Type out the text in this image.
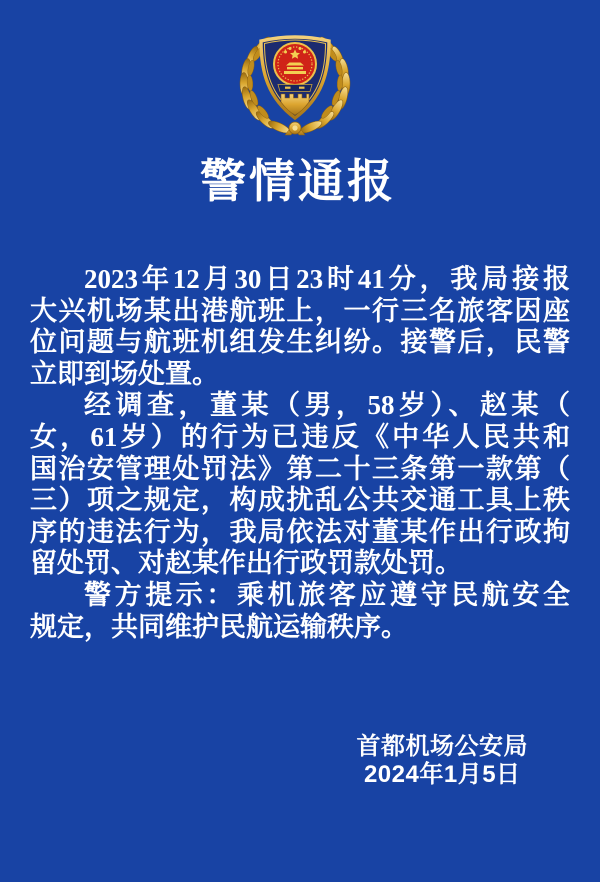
警情通报
2023年12月30日23时41分，我局接报
大兴机场某出港航班上，一行三名旅客因座
位问题与航班机组发生纠纷。接警后，民警
立即到场处置。
经调查，董某（男，58岁）、赵某（
女，61岁）的行为已违反《中华人民共和
国治安管理处罚法》第二十三条第一款第（
三）项之规定，构成扰乱公共交通工具上秩
序的违法行为，我局依法对董某作出行政拘
留处罚、对赵某作出行政罚款处罚。
警方提示：乘机旅客应遵守民航安全
规定，共同维护民航运输秩序。
首都机场公安局
2024年1月5日
